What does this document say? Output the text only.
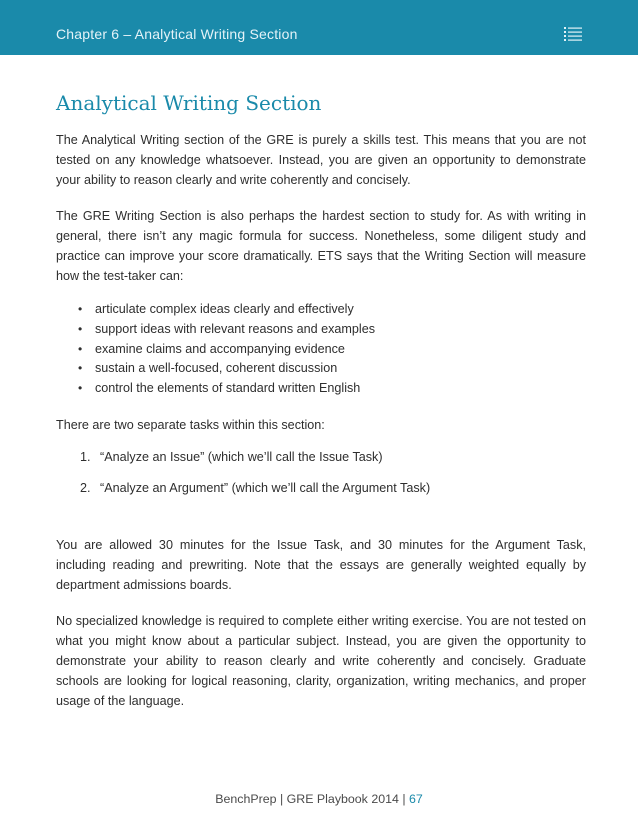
Chapter 6 – Analytical Writing Section
Analytical Writing Section

The Analytical Writing section of the GRE is purely a skills test. This means that you are not tested on any knowledge whatsoever. Instead, you are given an opportunity to demonstrate your ability to reason clearly and write coherently and concisely.

The GRE Writing Section is also perhaps the hardest section to study for. As with writing in general, there isn’t any magic formula for success. Nonetheless, some diligent study and practice can improve your score dramatically. ETS says that the Writing Section will measure how the test-taker can:

• articulate complex ideas clearly and effectively
• support ideas with relevant reasons and examples
• examine claims and accompanying evidence
• sustain a well-focused, coherent discussion
• control the elements of standard written English

There are two separate tasks within this section:

1. “Analyze an Issue” (which we’ll call the Issue Task)
2. “Analyze an Argument” (which we’ll call the Argument Task)

You are allowed 30 minutes for the Issue Task, and 30 minutes for the Argument Task, including reading and prewriting. Note that the essays are generally weighted equally by department admissions boards.

No specialized knowledge is required to complete either writing exercise. You are not tested on what you might know about a particular subject. Instead, you are given the opportunity to demonstrate your ability to reason clearly and write coherently and concisely. Graduate schools are looking for logical reasoning, clarity, organization, writing mechanics, and proper usage of the language.

BenchPrep | GRE Playbook 2014 | 67
